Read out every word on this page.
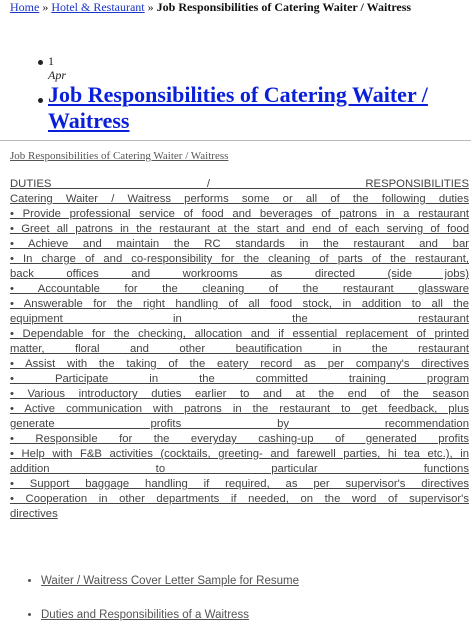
Home » Hotel & Restaurant » Job Responsibilities of Catering Waiter / Waitress
1
Apr
Job Responsibilities of Catering Waiter / Waitress
Job Responsibilities of Catering Waiter / Waitress
DUTIES / RESPONSIBILITIES
Catering Waiter / Waitress performs some or all of the following duties
• Provide professional service of food and beverages of patrons in a restaurant
• Greet all patrons in the restaurant at the start and end of each serving of food
• Achieve and maintain the RC standards in the restaurant and bar
• In charge of and co-responsibility for the cleaning of parts of the restaurant,
back offices and workrooms as directed (side jobs)
• Accountable for the cleaning of the restaurant glassware
• Answerable for the right handling of all food stock, in addition to all the
equipment in the restaurant
• Dependable for the checking, allocation and if essential replacement of printed
matter, floral and other beautification in the restaurant
• Assist with the taking of the eatery record as per company's directives
• Participate in the committed training program
• Various introductory duties earlier to and at the end of the season
• Active communication with patrons in the restaurant to get feedback, plus
generate profits by recommendation
• Responsible for the everyday cashing-up of generated profits
• Help with F&B activities (cocktails, greeting- and farewell parties, hi tea etc.), in
addition to particular functions
• Support baggage handling if required, as per supervisor's directives
• Cooperation in other departments if needed, on the word of supervisor's
directives
Waiter / Waitress Cover Letter Sample for Resume
Duties and Responsibilities of a Waitress
